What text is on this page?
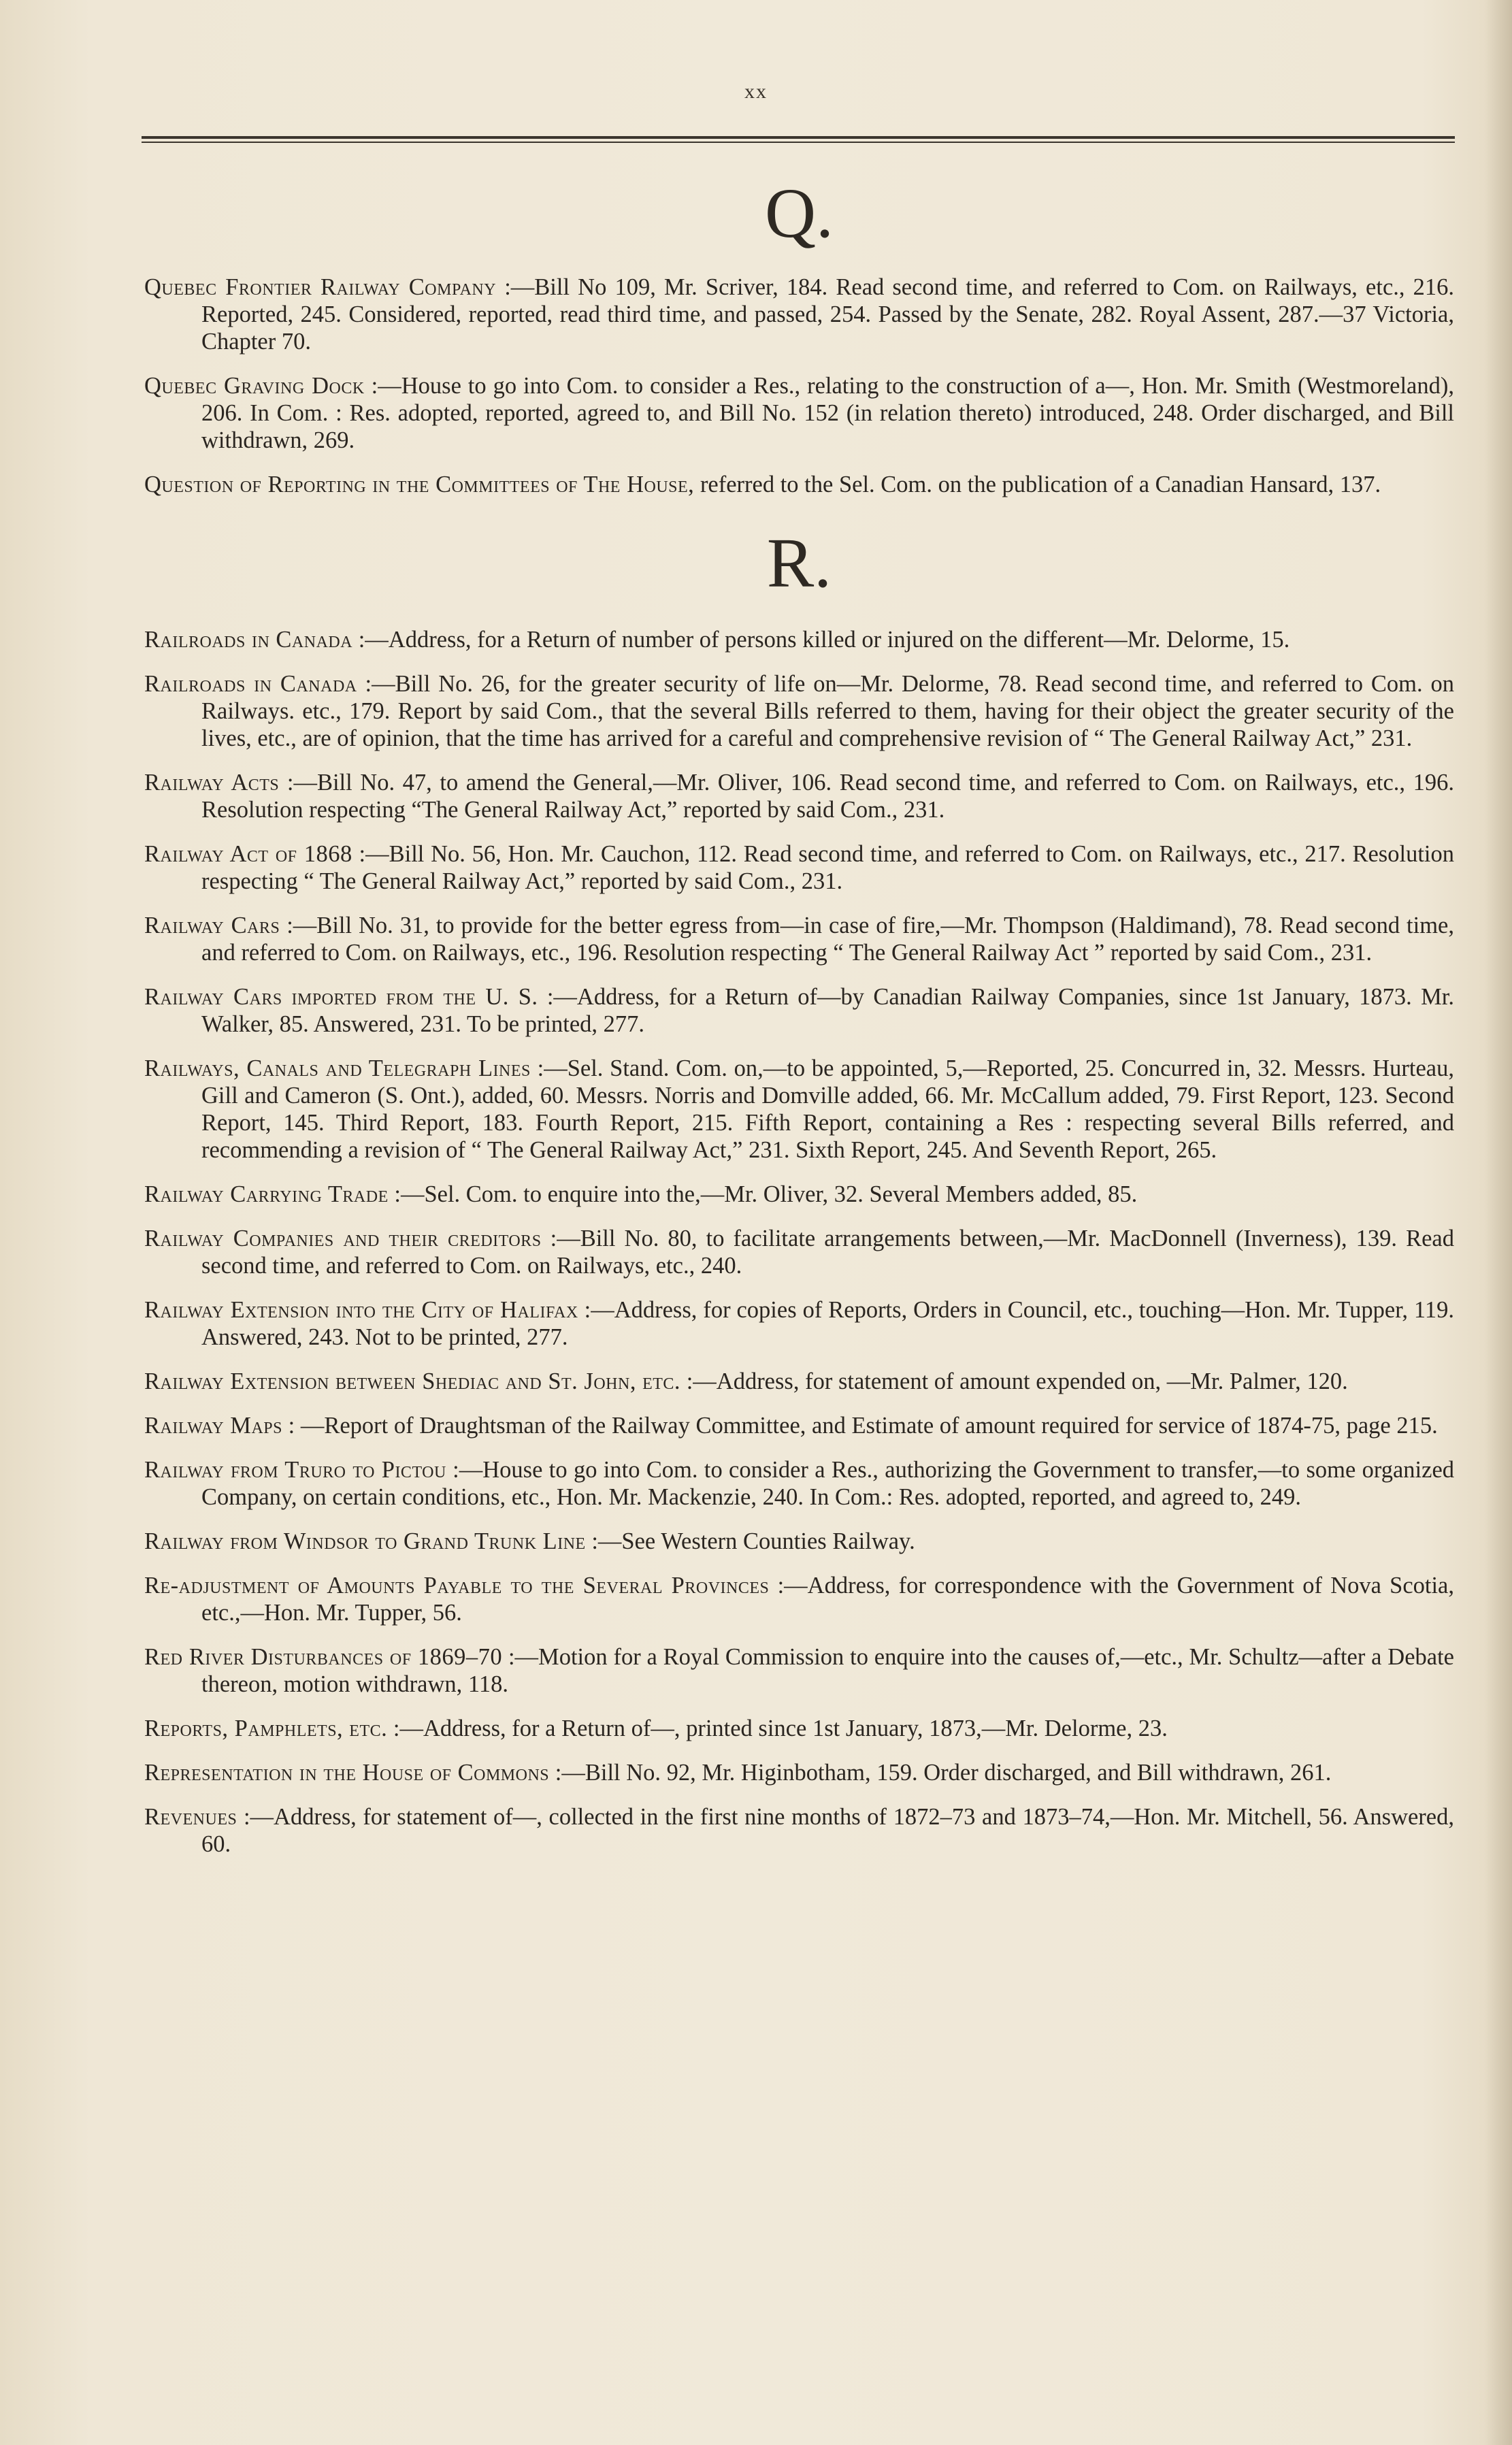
xx
Q.

Quebec Frontier Railway Company :—Bill No 109, Mr. Scriver, 184. Read second time, and referred to Com. on Railways, etc., 216. Reported, 245. Considered, reported, read third time, and passed, 254. Passed by the Senate, 282. Royal Assent, 287.—37 Victoria, Chapter 70.

Quebec Graving Dock :—House to go into Com. to consider a Res., relating to the construction of a—, Hon. Mr. Smith (Westmoreland), 206. In Com. : Res. adopted, reported, agreed to, and Bill No. 152 (in relation thereto) introduced, 248. Order discharged, and Bill withdrawn, 269.

Question of Reporting in the Committees of The House, referred to the Sel. Com. on the publication of a Canadian Hansard, 137.

R.

Railroads in Canada :—Address, for a Return of number of persons killed or injured on the different—Mr. Delorme, 15.

Railroads in Canada :—Bill No. 26, for the greater security of life on—Mr. Delorme, 78. Read second time, and referred to Com. on Railways. etc., 179. Report by said Com., that the several Bills referred to them, having for their object the greater security of the lives, etc., are of opinion, that the time has arrived for a careful and comprehensive revision of “ The General Railway Act,” 231.

Railway Acts :—Bill No. 47, to amend the General,—Mr. Oliver, 106. Read second time, and referred to Com. on Railways, etc., 196. Resolution respecting “The General Railway Act,” reported by said Com., 231.

Railway Act of 1868 :—Bill No. 56, Hon. Mr. Cauchon, 112. Read second time, and referred to Com. on Railways, etc., 217. Resolution respecting “ The General Railway Act,” reported by said Com., 231.

Railway Cars :—Bill No. 31, to provide for the better egress from—in case of fire,—Mr. Thompson (Haldimand), 78. Read second time, and referred to Com. on Railways, etc., 196. Resolution respecting “ The General Railway Act ” reported by said Com., 231.

Railway Cars imported from the U. S. :—Address, for a Return of—by Canadian Railway Companies, since 1st January, 1873. Mr. Walker, 85. Answered, 231. To be printed, 277.

Railways, Canals and Telegraph Lines :—Sel. Stand. Com. on,—to be appointed, 5,—Reported, 25. Concurred in, 32. Messrs. Hurteau, Gill and Cameron (S. Ont.), added, 60. Messrs. Norris and Domville added, 66. Mr. McCallum added, 79. First Report, 123. Second Report, 145. Third Report, 183. Fourth Report, 215. Fifth Report, containing a Res : respecting several Bills referred, and recommending a revision of “ The General Railway Act,” 231. Sixth Report, 245. And Seventh Report, 265.

Railway Carrying Trade :—Sel. Com. to enquire into the,—Mr. Oliver, 32. Several Members added, 85.

Railway Companies and their creditors :—Bill No. 80, to facilitate arrangements between,—Mr. MacDonnell (Inverness), 139. Read second time, and referred to Com. on Railways, etc., 240.

Railway Extension into the City of Halifax :—Address, for copies of Reports, Orders in Council, etc., touching—Hon. Mr. Tupper, 119. Answered, 243. Not to be printed, 277.

Railway Extension between Shediac and St. John, etc. :—Address, for statement of amount expended on, —Mr. Palmer, 120.

Railway Maps : —Report of Draughtsman of the Railway Committee, and Estimate of amount required for service of 1874-75, page 215.

Railway from Truro to Pictou :—House to go into Com. to consider a Res., authorizing the Government to transfer,—to some organized Company, on certain conditions, etc., Hon. Mr. Mackenzie, 240. In Com.: Res. adopted, reported, and agreed to, 249.

Railway from Windsor to Grand Trunk Line :—See Western Counties Railway.

Re-adjustment of Amounts Payable to the Several Provinces :—Address, for correspondence with the Government of Nova Scotia, etc.,—Hon. Mr. Tupper, 56.

Red River Disturbances of 1869–70 :—Motion for a Royal Commission to enquire into the causes of,—etc., Mr. Schultz—after a Debate thereon, motion withdrawn, 118.

Reports, Pamphlets, etc. :—Address, for a Return of—, printed since 1st January, 1873,—Mr. Delorme, 23.

Representation in the House of Commons :—Bill No. 92, Mr. Higinbotham, 159. Order discharged, and Bill withdrawn, 261.

Revenues :—Address, for statement of—, collected in the first nine months of 1872–73 and 1873–74,—Hon. Mr. Mitchell, 56. Answered, 60.
